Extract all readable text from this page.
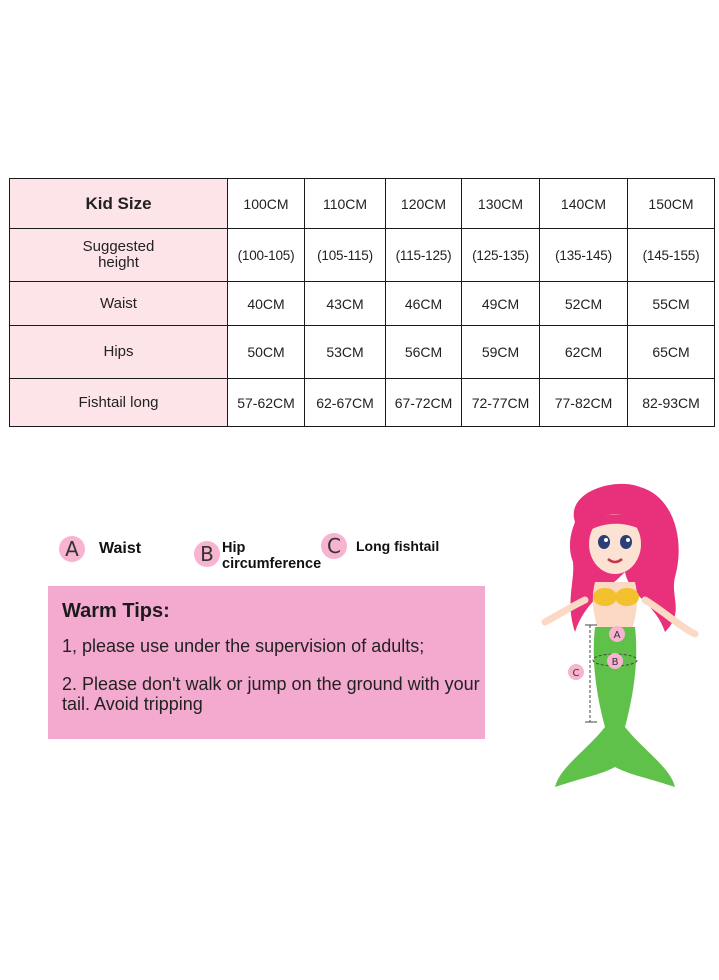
Kid Size	100CM	110CM	120CM	130CM	140CM	150CM

Suggested height	(100-105)	(105-115)	(115-125)	(125-135)	(135-145)	(145-155)
Waist	40CM	43CM	46CM	49CM	52CM	55CM
Hips	50CM	53CM	56CM	59CM	62CM	65CM
Fishtail long	57-62CM	62-67CM	67-72CM	72-77CM	77-82CM	82-93CM
A	Waist	B Hip
circumference
C	Long fishtail
Warm Tips:
1, please use under the supervision of adults;
2. Please don't walk or jump on the ground with your tail. Avoid tripping
A
B
C
